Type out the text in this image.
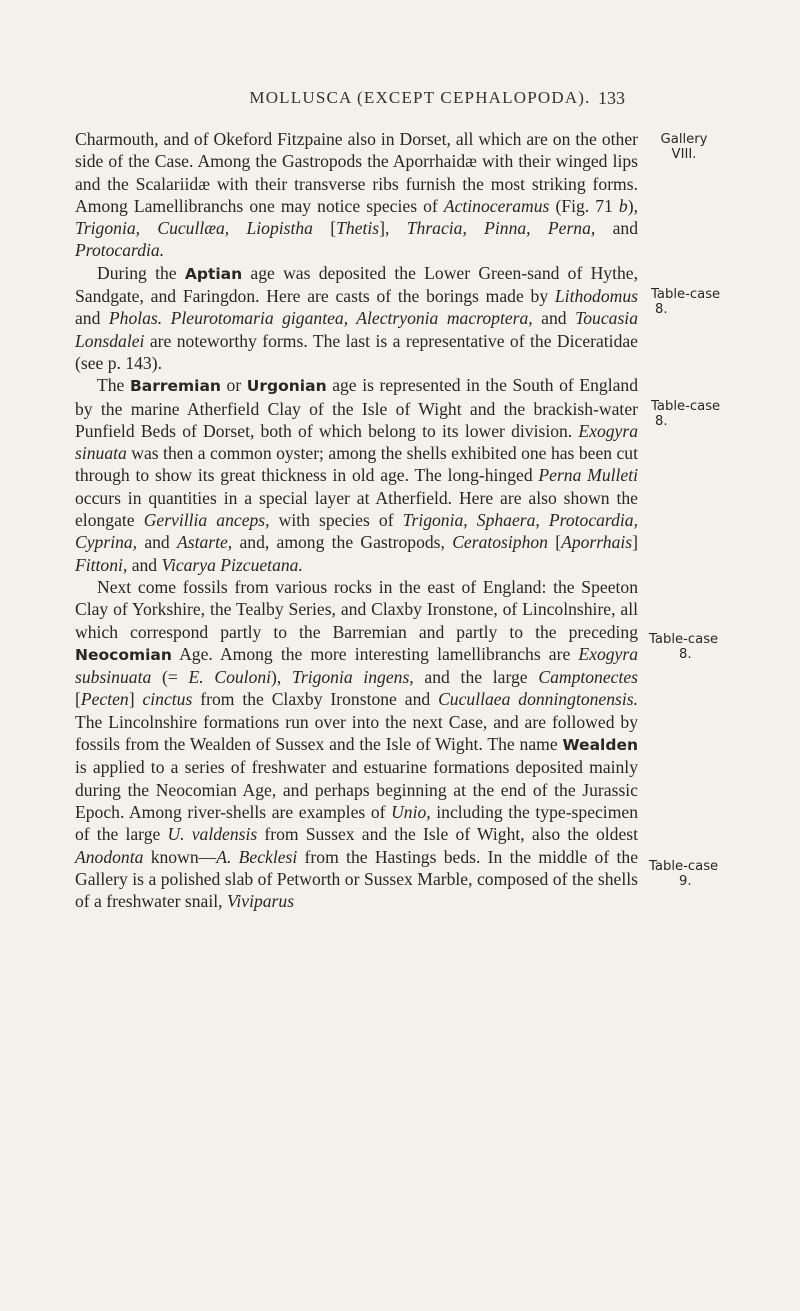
MOLLUSCA (EXCEPT CEPHALOPODA). 133

Charmouth, and of Okeford Fitzpaine also in Dorset, all which are on the other side of the Case. Among the Gastropods the Aporrhaidæ with their winged lips and the Scalariidæ with their transverse ribs furnish the most striking forms. Among Lamellibranchs one may notice species of Actinoceramus (Fig. 71 b), Trigonia, Cucullæa, Liopistha [Thetis], Thracia, Pinna, Perna, and Protocardia.

During the Aptian age was deposited the Lower Green-sand of Hythe, Sandgate, and Faringdon. Here are casts of the borings made by Lithodomus and Pholas. Pleurotomaria gigantea, Alectryonia macroptera, and Toucasia Lonsdalei are noteworthy forms. The last is a representative of the Diceratidae (see p. 143).

The Barremian or Urgonian age is represented in the South of England by the marine Atherfield Clay of the Isle of Wight and the brackish-water Punfield Beds of Dorset, both of which belong to its lower division. Exogyra sinuata was then a common oyster; among the shells exhibited one has been cut through to show its great thickness in old age. The long-hinged Perna Mulleti occurs in quantities in a special layer at Atherfield. Here are also shown the elongate Gervillia anceps, with species of Trigonia, Sphaera, Protocardia, Cyprina, and Astarte, and, among the Gastropods, Ceratosiphon [Aporrhais] Fittoni, and Vicarya Pizcuetana.

Next come fossils from various rocks in the east of England: the Speeton Clay of Yorkshire, the Tealby Series, and Claxby Ironstone, of Lincolnshire, all which correspond partly to the Barremian and partly to the preceding Neocomian Age. Among the more interesting lamellibranchs are Exogyra subsinuata (= E. Couloni), Trigonia ingens, and the large Camptonectes [Pecten] cinctus from the Claxby Ironstone and Cucullaea donningtonensis. The Lincolnshire formations run over into the next Case, and are followed by fossils from the Wealden of Sussex and the Isle of Wight. The name Wealden is applied to a series of freshwater and estuarine formations deposited mainly during the Neocomian Age, and perhaps beginning at the end of the Jurassic Epoch. Among river-shells are examples of Unio, including the type-specimen of the large U. valdensis from Sussex and the Isle of Wight, also the oldest Anodonta known—A. Becklesi from the Hastings beds. In the middle of the Gallery is a polished slab of Petworth or Sussex Marble, composed of the shells of a freshwater snail, Viviparus

Gallery
VIII.
Table-case
8.
Table-case
8.
Table-case
8.
Table-case
9.
